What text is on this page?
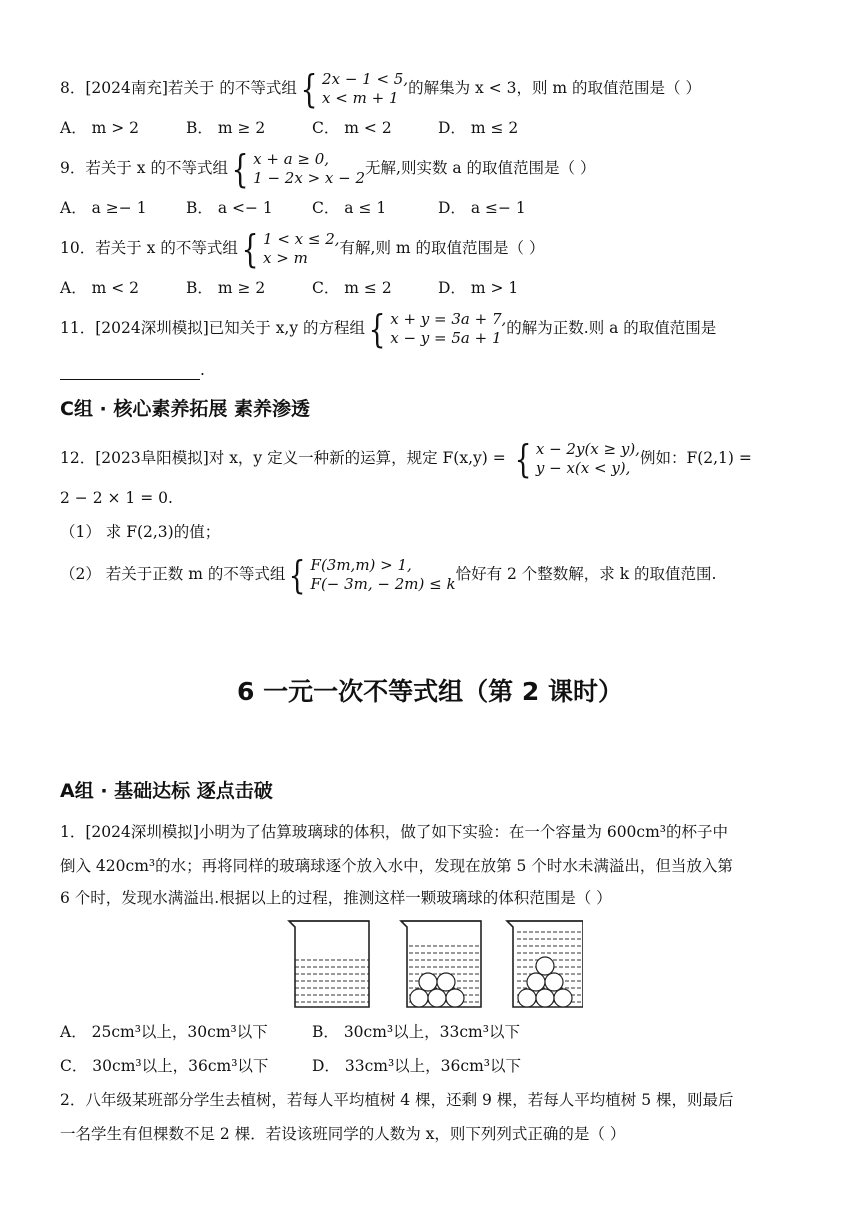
8．[2024南充]若关于 的不等式组 { 2x − 1 < 5,
x < m + 1
的解集为 x < 3，则 m 的取值范围是（ ）
A． m > 2	B． m ≥ 2	C． m < 2	D． m ≤ 2
9．若关于 x 的不等式组 { x + a ≥ 0,
1 − 2x > x − 2
无解,则实数 a 的取值范围是（ ）
A． a ≥− 1	B． a <− 1	C． a ≤ 1	D． a ≤− 1
10．若关于 x 的不等式组 { 1 < x ≤ 2,
x > m
有解,则 m 的取值范围是（ ）
A． m < 2	B． m ≥ 2	C． m ≤ 2	D． m > 1
11．[2024深圳模拟]已知关于 x,y 的方程组 { x + y = 3a + 7,
x − y = 5a + 1
的解为正数.则 a 的取值范围是
.
C组 · 核心素养拓展 素养渗透
12．[2023阜阳模拟]对 x，y 定义一种新的运算，规定 F(x,y) = { x − 2y(x ≥ y),
y − x(x < y),
例如：F(2,1) =
2 − 2 × 1 = 0.
（1） 求 F(2,3)的值；
（2） 若关于正数 m 的不等式组 { F(3m,m) > 1,
F(− 3m, − 2m) ≤ k
恰好有 2 个整数解，求 k 的取值范围.
6 一元一次不等式组（第 2 课时）
A组 · 基础达标 逐点击破
1．[2024深圳模拟]小明为了估算玻璃球的体积，做了如下实验：在一个容量为 600cm³的杯子中
倒入 420cm³的水；再将同样的玻璃球逐个放入水中，发现在放第 5 个时水未满溢出，但当放入第
6 个时，发现水满溢出.根据以上的过程，推测这样一颗玻璃球的体积范围是（ ）
A． 25cm³以上，30cm³以下	B． 30cm³以上，33cm³以下
C． 30cm³以上，36cm³以下	D． 33cm³以上，36cm³以下
2．八年级某班部分学生去植树，若每人平均植树 4 棵，还剩 9 棵，若每人平均植树 5 棵，则最后
一名学生有但棵数不足 2 棵．若设该班同学的人数为 x，则下列列式正确的是（ ）
